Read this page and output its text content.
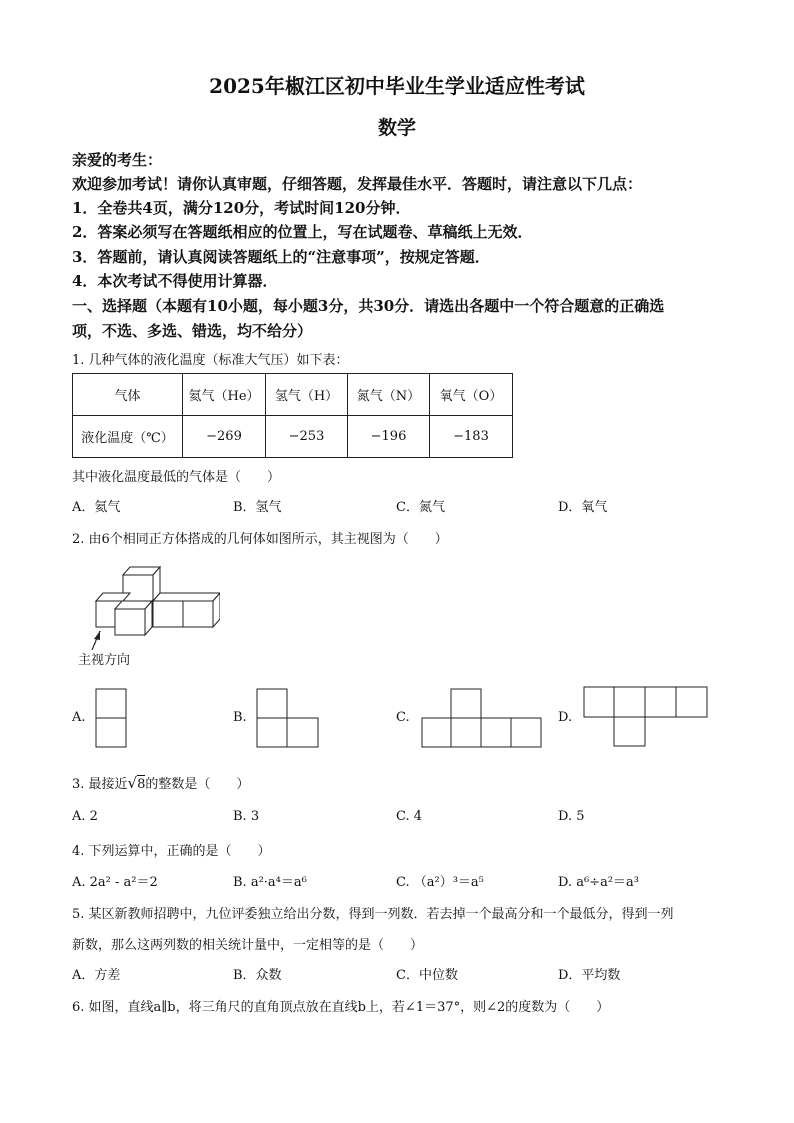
2025年椒江区初中毕业生学业适应性考试
数学
亲爱的考生：
欢迎参加考试！请你认真审题，仔细答题，发挥最佳水平．答题时，请注意以下几点：
1．全卷共4页，满分120分，考试时间120分钟．
2．答案必须写在答题纸相应的位置上，写在试题卷、草稿纸上无效．
3．答题前，请认真阅读答题纸上的“注意事项”，按规定答题．
4．本次考试不得使用计算器．
一、选择题（本题有10小题，每小题3分，共30分．请选出各题中一个符合题意的正确选
项，不选、多选、错选，均不给分）
1. 几种气体的液化温度（标准大气压）如下表：
气体	氦气（He）	氢气（H）	氮气（N）	氧气（O）
液化温度（℃）	−269	−253	−196	−183
其中液化温度最低的气体是（　　）
A．氦气	B．氢气	C．氮气	D．氧气
2. 由6个相同正方体搭成的几何体如图所示，其主视图为（　　）
主视方向
A.	B.	C.	D.
3. 最接近√8的整数是（　　）
A. 2	B. 3	C. 4	D. 5
4. 下列运算中，正确的是（　　）
A. 2a² - a²＝2	B. a²·a⁴＝a⁶	C. （a²）³＝a⁵	D. a⁶÷a²＝a³
5. 某区新教师招聘中，九位评委独立给出分数，得到一列数．若去掉一个最高分和一个最低分，得到一列
新数，那么这两列数的相关统计量中，一定相等的是（　　）
A．方差	B．众数	C．中位数	D．平均数
6. 如图，直线a∥b，将三角尺的直角顶点放在直线b上，若∠1＝37°，则∠2的度数为（　　）
